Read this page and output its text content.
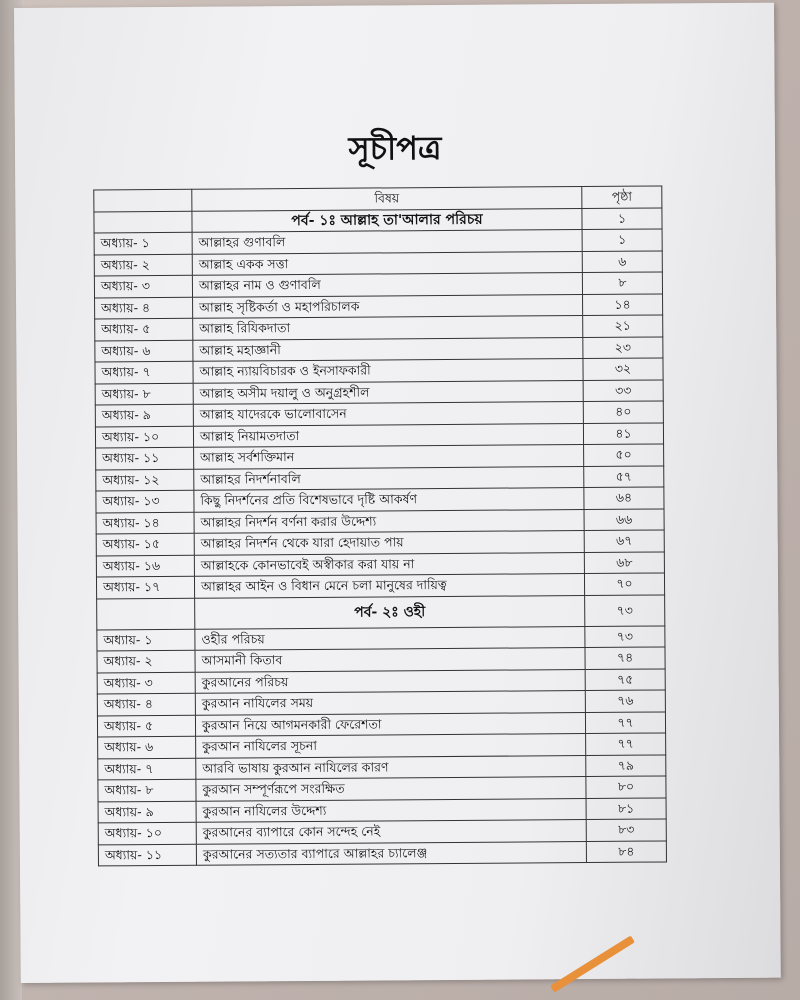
সূচীপত্র
	বিষয়	পৃষ্ঠা
	পর্ব- ১ঃ আল্লাহ তা'আলার পরিচয়	১
অধ্যায়- ১	আল্লাহর গুণাবলি	১
অধ্যায়- ২	আল্লাহ একক সত্তা	৬
অধ্যায়- ৩	আল্লাহর নাম ও গুণাবলি	৮
অধ্যায়- ৪	আল্লাহ সৃষ্টিকর্তা ও মহাপরিচালক	১৪
অধ্যায়- ৫	আল্লাহ রিযিকদাতা	২১
অধ্যায়- ৬	আল্লাহ মহাজ্ঞানী	২৩
অধ্যায়- ৭	আল্লাহ ন্যায়বিচারক ও ইনসাফকারী	৩২
অধ্যায়- ৮	আল্লাহ অসীম দয়ালু ও অনুগ্রহশীল	৩৩
অধ্যায়- ৯	আল্লাহ যাদেরকে ভালোবাসেন	৪০
অধ্যায়- ১০	আল্লাহ নিয়ামতদাতা	৪১
অধ্যায়- ১১	আল্লাহ সর্বশক্তিমান	৫০
অধ্যায়- ১২	আল্লাহর নিদর্শনাবলি	৫৭
অধ্যায়- ১৩	কিছু নিদর্শনের প্রতি বিশেষভাবে দৃষ্টি আকর্ষণ	৬৪
অধ্যায়- ১৪	আল্লাহর নিদর্শন বর্ণনা করার উদ্দেশ্য	৬৬
অধ্যায়- ১৫	আল্লাহর নিদর্শন থেকে যারা হেদায়াত পায়	৬৭
অধ্যায়- ১৬	আল্লাহকে কোনভাবেই অস্বীকার করা যায় না	৬৮
অধ্যায়- ১৭	আল্লাহর আইন ও বিধান মেনে চলা মানুষের দায়িত্ব	৭০
	পর্ব- ২ঃ ওহী	৭৩
অধ্যায়- ১	ওহীর পরিচয়	৭৩
অধ্যায়- ২	আসমানী কিতাব	৭৪
অধ্যায়- ৩	কুরআনের পরিচয়	৭৫
অধ্যায়- ৪	কুরআন নাযিলের সময়	৭৬
অধ্যায়- ৫	কুরআন নিয়ে আগমনকারী ফেরেশতা	৭৭
অধ্যায়- ৬	কুরআন নাযিলের সূচনা	৭৭
অধ্যায়- ৭	আরবি ভাষায় কুরআন নাযিলের কারণ	৭৯
অধ্যায়- ৮	কুরআন সম্পূর্ণরূপে সংরক্ষিত	৮০
অধ্যায়- ৯	কুরআন নাযিলের উদ্দেশ্য	৮১
অধ্যায়- ১০	কুরআনের ব্যাপারে কোন সন্দেহ নেই	৮৩
অধ্যায়- ১১	কুরআনের সত্যতার ব্যাপারে আল্লাহর চ্যালেঞ্জ	৮৪
